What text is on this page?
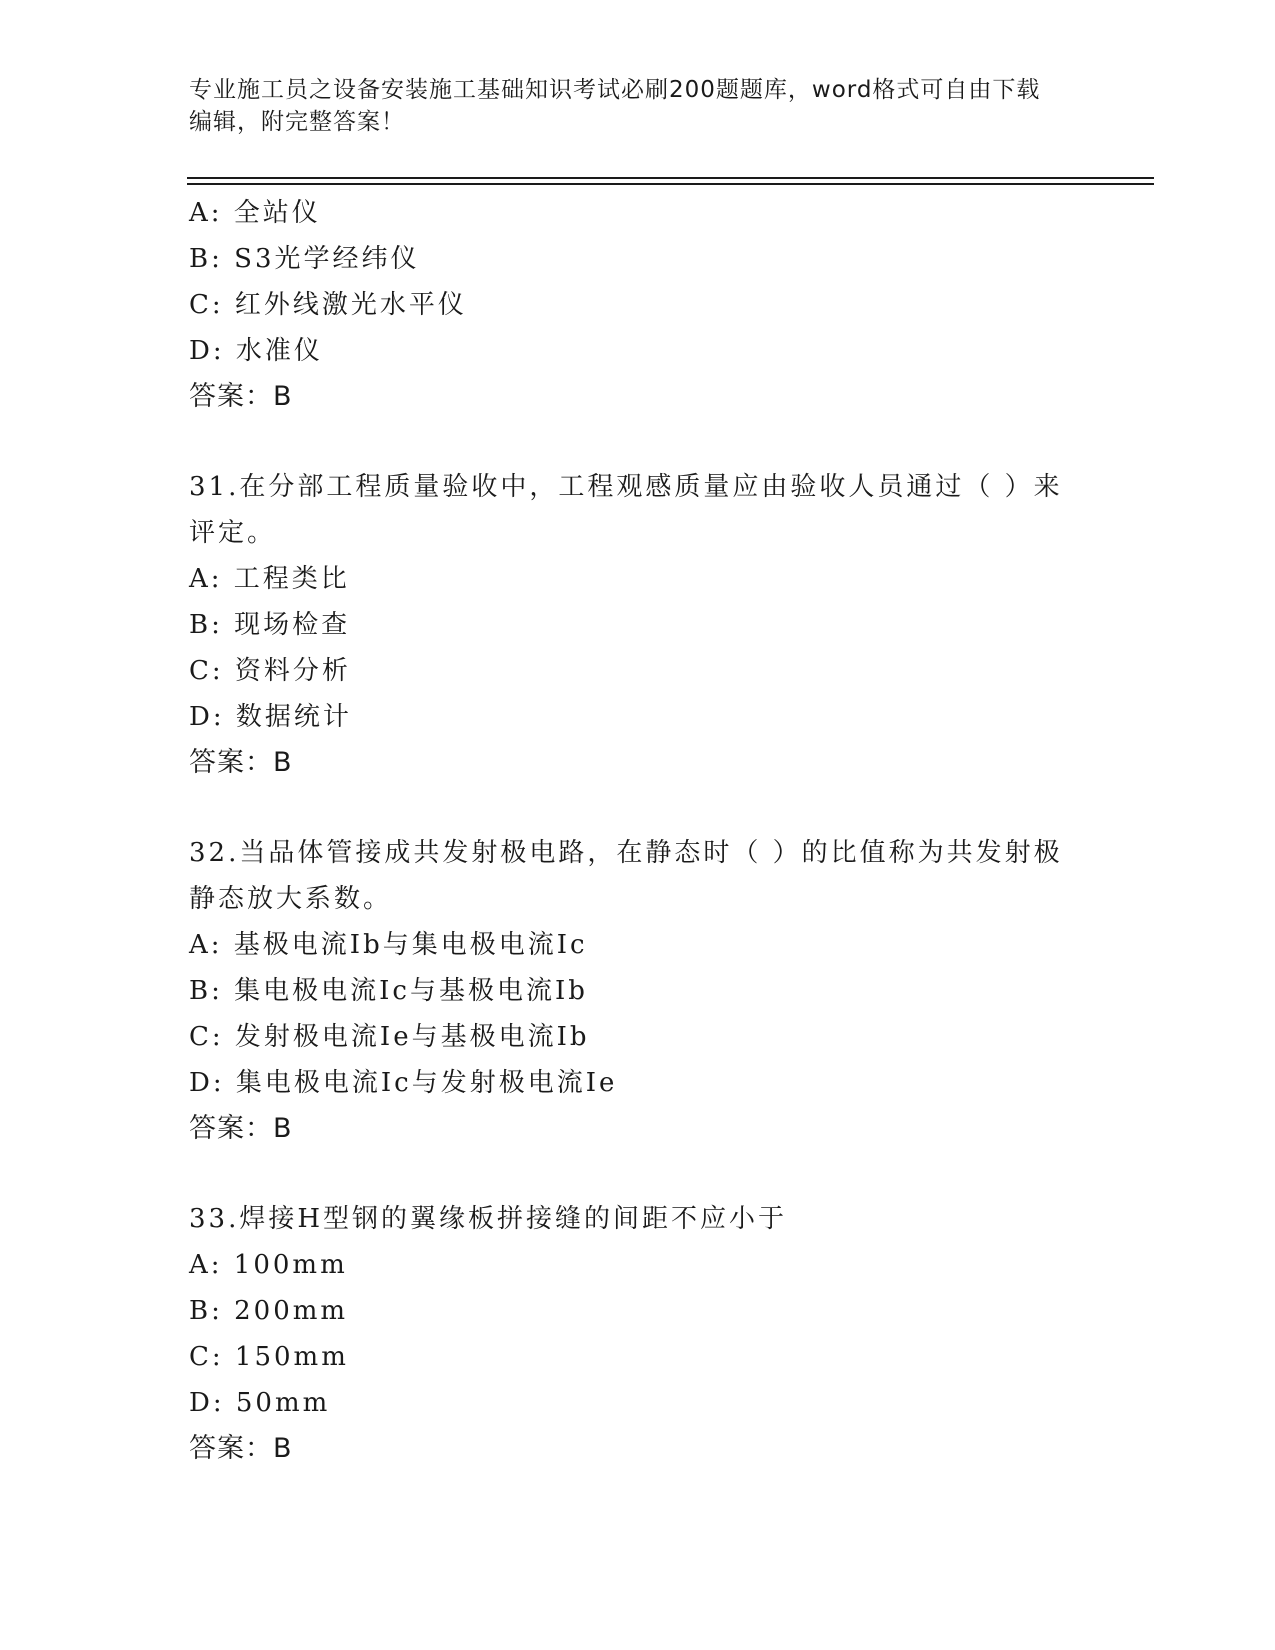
专业施工员之设备安装施工基础知识考试必刷200题题库，word格式可自由下载
编辑，附完整答案！
A: 全站仪
B: S3光学经纬仪
C: 红外线激光水平仪
D: 水准仪
答案：B
31.在分部工程质量验收中，工程观感质量应由验收人员通过（ ）来
评定。
A: 工程类比
B: 现场检查
C: 资料分析
D: 数据统计
答案：B
32.当品体管接成共发射极电路，在静态时（ ）的比值称为共发射极
静态放大系数。
A: 基极电流Ib与集电极电流Ic
B: 集电极电流Ic与基极电流Ib
C: 发射极电流Ie与基极电流Ib
D: 集电极电流Ic与发射极电流Ie
答案：B
33.焊接H型钢的翼缘板拼接缝的间距不应小于
A: 100mm
B: 200mm
C: 150mm
D: 50mm
答案：B
